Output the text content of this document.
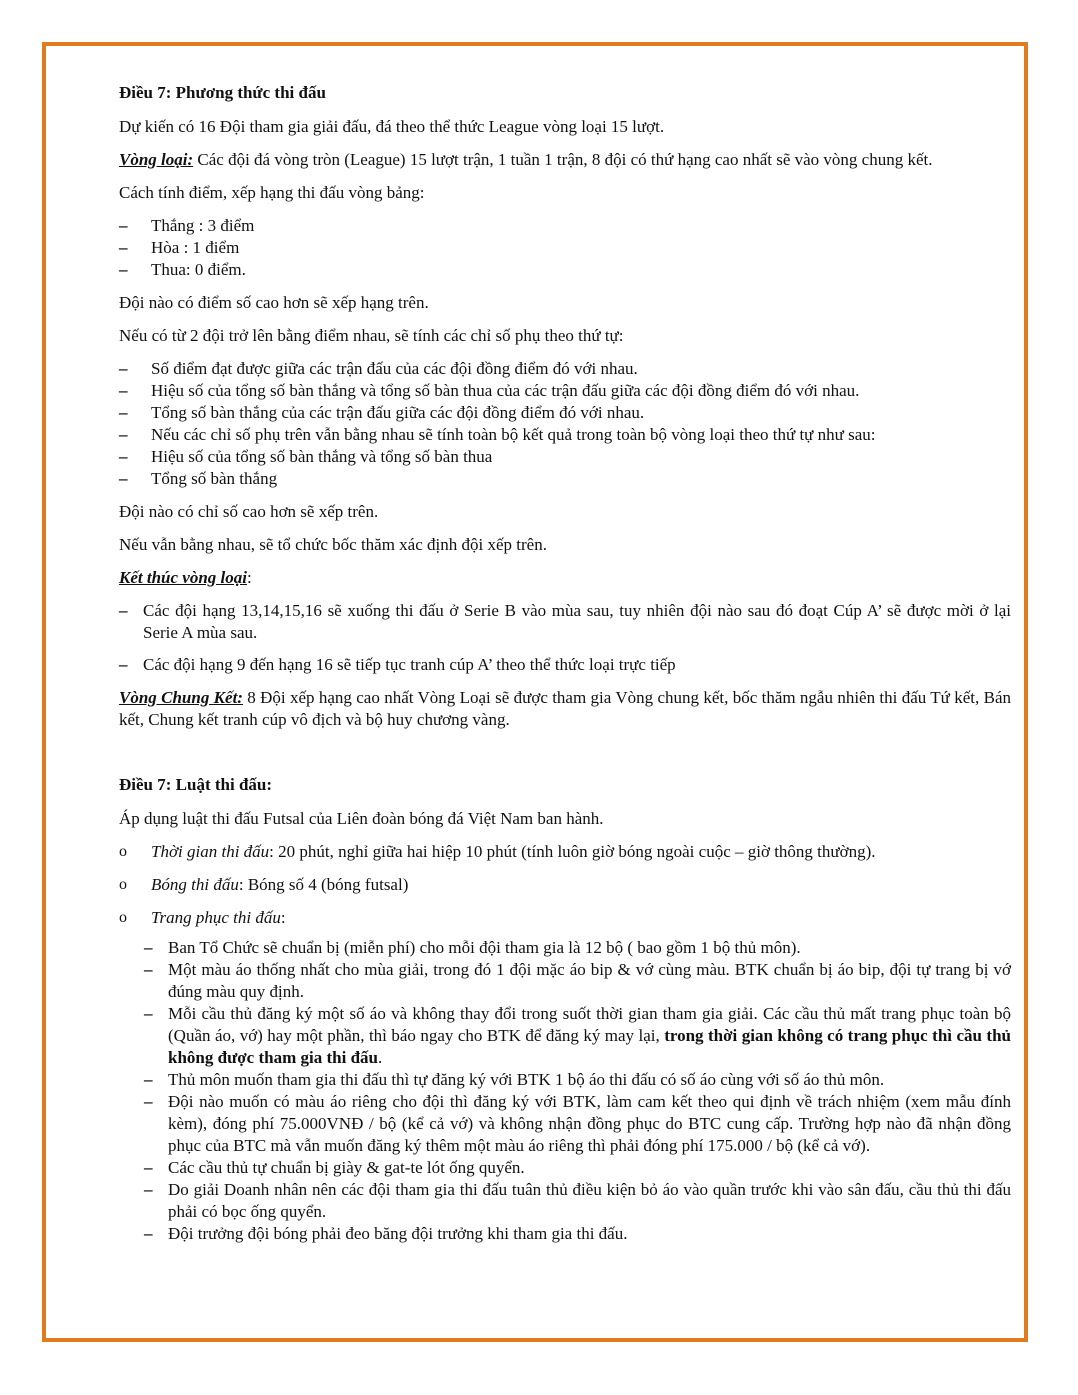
Điều 7: Phương thức thi đấu

Dự kiến có 16 Đội tham gia giải đấu, đá theo thể thức League vòng loại 15 lượt.

Vòng loại: Các đội đá vòng tròn (League) 15 lượt trận, 1 tuần 1 trận, 8 đội có thứ hạng cao nhất sẽ vào vòng chung kết.

Cách tính điểm, xếp hạng thi đấu vòng bảng:

– Thắng : 3 điểm
– Hòa : 1 điểm
– Thua: 0 điểm.

Đội nào có điểm số cao hơn sẽ xếp hạng trên.

Nếu có từ 2 đội trở lên bằng điểm nhau, sẽ tính các chỉ số phụ theo thứ tự:

– Số điểm đạt được giữa các trận đấu của các đội đồng điểm đó với nhau.
– Hiệu số của tổng số bàn thắng và tổng số bàn thua của các trận đấu giữa các đội đồng điểm đó với nhau.
– Tổng số bàn thắng của các trận đấu giữa các đội đồng điểm đó với nhau.
– Nếu các chỉ số phụ trên vẫn bằng nhau sẽ tính toàn bộ kết quả trong toàn bộ vòng loại theo thứ tự như sau:
– Hiệu số của tổng số bàn thắng và tổng số bàn thua
– Tổng số bàn thắng

Đội nào có chỉ số cao hơn sẽ xếp trên.

Nếu vẫn bằng nhau, sẽ tổ chức bốc thăm xác định đội xếp trên.

Kết thúc vòng loại:

– Các đội hạng 13,14,15,16 sẽ xuống thi đấu ở Serie B vào mùa sau, tuy nhiên đội nào sau đó đoạt Cúp A’ sẽ được mời ở lại Serie A mùa sau.
– Các đội hạng 9 đến hạng 16 sẽ tiếp tục tranh cúp A’ theo thể thức loại trực tiếp

Vòng Chung Kết: 8 Đội xếp hạng cao nhất Vòng Loại sẽ được tham gia Vòng chung kết, bốc thăm ngẫu nhiên thi đấu Tứ kết, Bán kết, Chung kết tranh cúp vô địch và bộ huy chương vàng.

Điều 7: Luật thi đấu:

Áp dụng luật thi đấu Futsal của Liên đoàn bóng đá Việt Nam ban hành.

o Thời gian thi đấu: 20 phút, nghỉ giữa hai hiệp 10 phút (tính luôn giờ bóng ngoài cuộc – giờ thông thường).
o Bóng thi đấu: Bóng số 4 (bóng futsal)
o Trang phục thi đấu:
– Ban Tổ Chức sẽ chuẩn bị (miễn phí) cho mỗi đội tham gia là 12 bộ ( bao gồm 1 bộ thủ môn).
– Một màu áo thống nhất cho mùa giải, trong đó 1 đội mặc áo bip & vớ cùng màu. BTK chuẩn bị áo bip, đội tự trang bị vớ đúng màu quy định.
– Mỗi cầu thủ đăng ký một số áo và không thay đổi trong suốt thời gian tham gia giải. Các cầu thủ mất trang phục toàn bộ (Quần áo, vớ) hay một phần, thì báo ngay cho BTK để đăng ký may lại, trong thời gian không có trang phục thì cầu thủ không được tham gia thi đấu.
– Thủ môn muốn tham gia thi đấu thì tự đăng ký với BTK 1 bộ áo thi đấu có số áo cùng với số áo thủ môn.
– Đội nào muốn có màu áo riêng cho đội thì đăng ký với BTK, làm cam kết theo qui định về trách nhiệm (xem mẫu đính kèm), đóng phí 75.000VNĐ / bộ (kể cả vớ) và không nhận đồng phục do BTC cung cấp. Trường hợp nào đã nhận đồng phục của BTC mà vẫn muốn đăng ký thêm một màu áo riêng thì phải đóng phí 175.000 / bộ (kể cả vớ).
– Các cầu thủ tự chuẩn bị giày & gat-te lót ống quyển.
– Do giải Doanh nhân nên các đội tham gia thi đấu tuân thủ điều kiện bỏ áo vào quần trước khi vào sân đấu, cầu thủ thi đấu phải có bọc ống quyển.
– Đội trưởng đội bóng phải đeo băng đội trưởng khi tham gia thi đấu.
